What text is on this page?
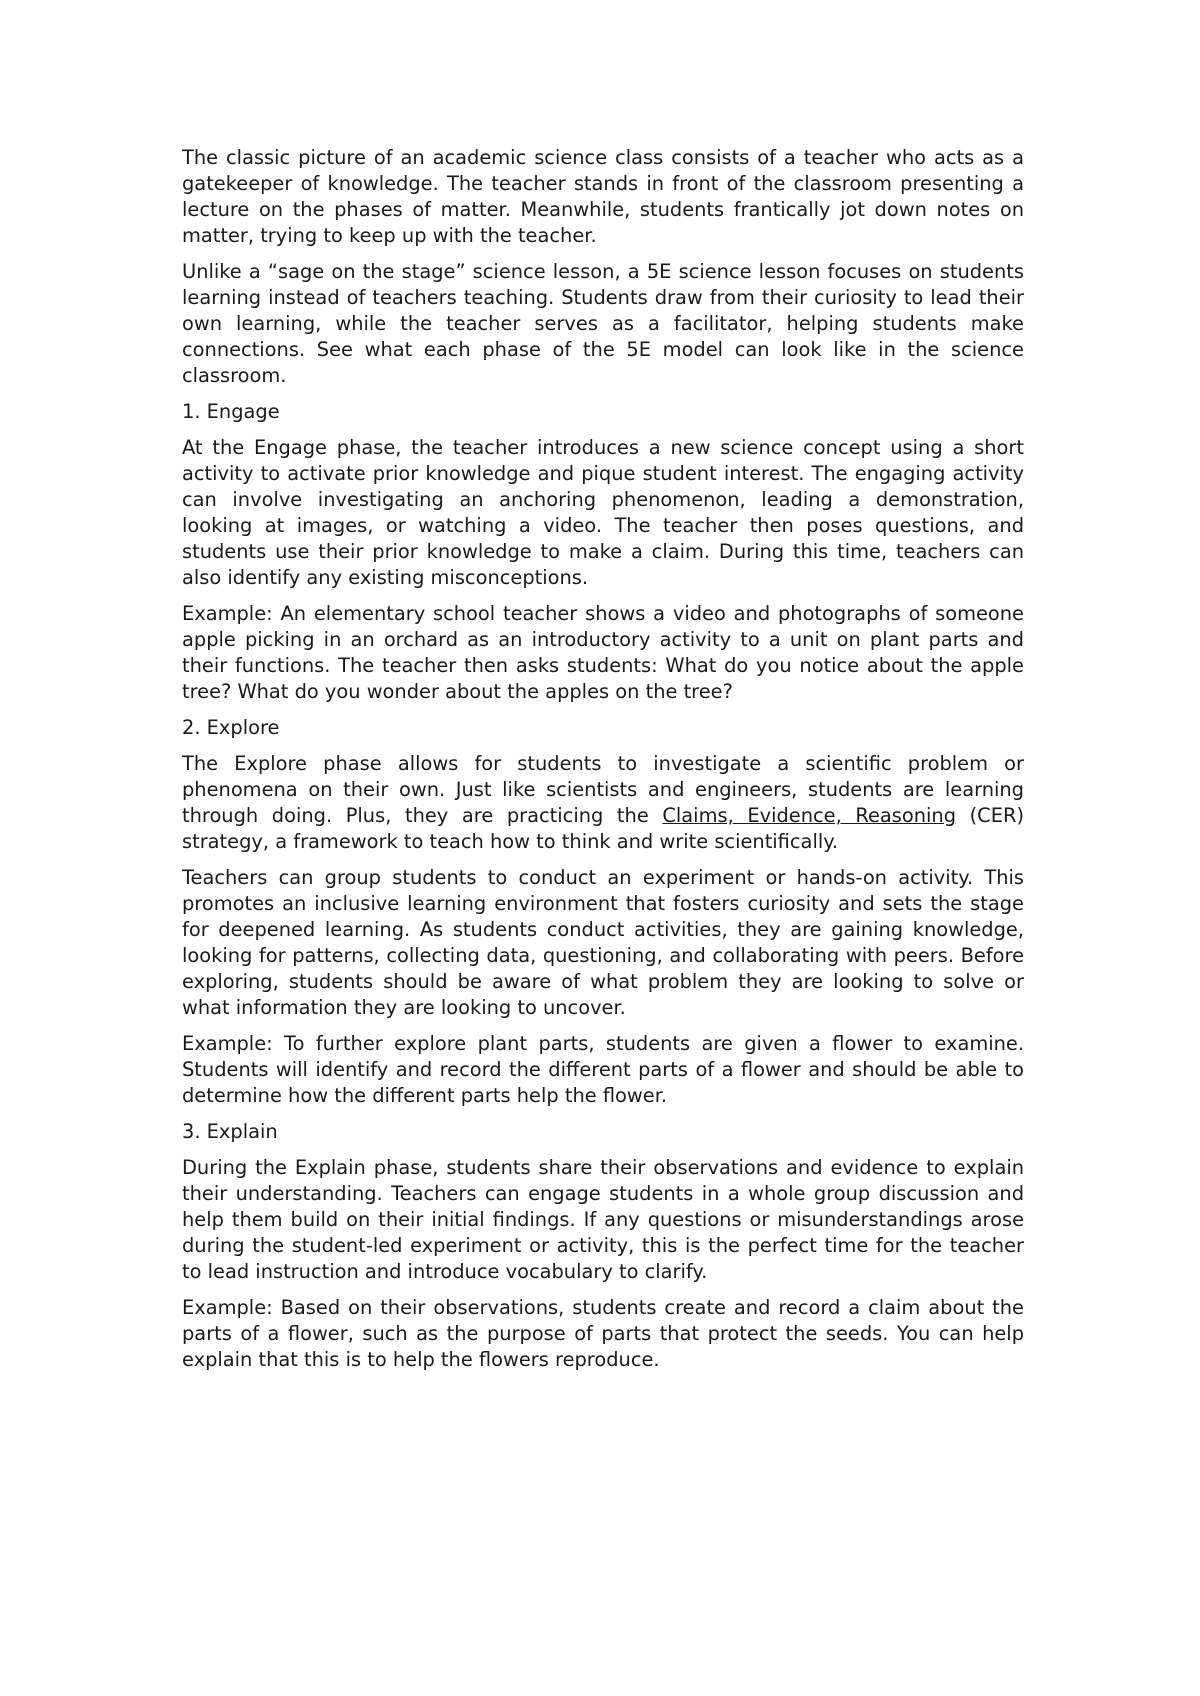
The classic picture of an academic science class consists of a teacher who acts as a gatekeeper of knowledge. The teacher stands in front of the classroom presenting a lecture on the phases of matter. Meanwhile, students frantically jot down notes on matter, trying to keep up with the teacher.

Unlike a “sage on the stage” science lesson, a 5E science lesson focuses on students learning instead of teachers teaching. Students draw from their curiosity to lead their own learning, while the teacher serves as a facilitator, helping students make connections. See what each phase of the 5E model can look like in the science classroom.

1. Engage

At the Engage phase, the teacher introduces a new science concept using a short activity to activate prior knowledge and pique student interest. The engaging activity can involve investigating an anchoring phenomenon, leading a demonstration, looking at images, or watching a video. The teacher then poses questions, and students use their prior knowledge to make a claim. During this time, teachers can also identify any existing misconceptions.

Example: An elementary school teacher shows a video and photographs of someone apple picking in an orchard as an introductory activity to a unit on plant parts and their functions. The teacher then asks students: What do you notice about the apple tree? What do you wonder about the apples on the tree?

2. Explore

The Explore phase allows for students to investigate a scientific problem or phenomena on their own. Just like scientists and engineers, students are learning through doing. Plus, they are practicing the Claims, Evidence, Reasoning (CER) strategy, a framework to teach how to think and write scientifically.

Teachers can group students to conduct an experiment or hands-on activity. This promotes an inclusive learning environment that fosters curiosity and sets the stage for deepened learning. As students conduct activities, they are gaining knowledge, looking for patterns, collecting data, questioning, and collaborating with peers. Before exploring, students should be aware of what problem they are looking to solve or what information they are looking to uncover.

Example: To further explore plant parts, students are given a flower to examine. Students will identify and record the different parts of a flower and should be able to determine how the different parts help the flower.

3. Explain

During the Explain phase, students share their observations and evidence to explain their understanding. Teachers can engage students in a whole group discussion and help them build on their initial findings. If any questions or misunderstandings arose during the student-led experiment or activity, this is the perfect time for the teacher to lead instruction and introduce vocabulary to clarify.

Example: Based on their observations, students create and record a claim about the parts of a flower, such as the purpose of parts that protect the seeds. You can help explain that this is to help the flowers reproduce.
